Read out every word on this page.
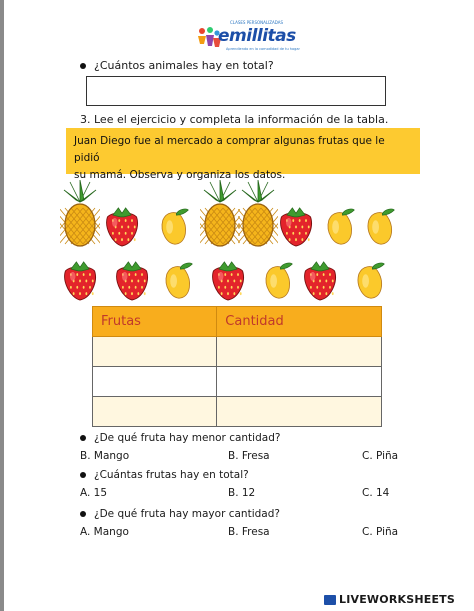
CLASES PERSONALIZADAS
emillitas
Aprendiendo en la comodidad de tu hogar
¿Cuántos animales hay en total?
3. Lee el ejercicio y completa la información de la tabla.
Juan Diego fue al mercado a comprar algunas frutas que le pidió
su mamá. Observa y organiza los datos.
Frutas	Cantidad

¿De qué fruta hay menor cantidad?
B. Mango	B. Fresa	C. Piña
¿Cuántas frutas hay en total?
A. 15	B. 12	C. 14
¿De qué fruta hay mayor cantidad?
A. Mango	B. Fresa	C. Piña
LIVEWORKSHEETS
